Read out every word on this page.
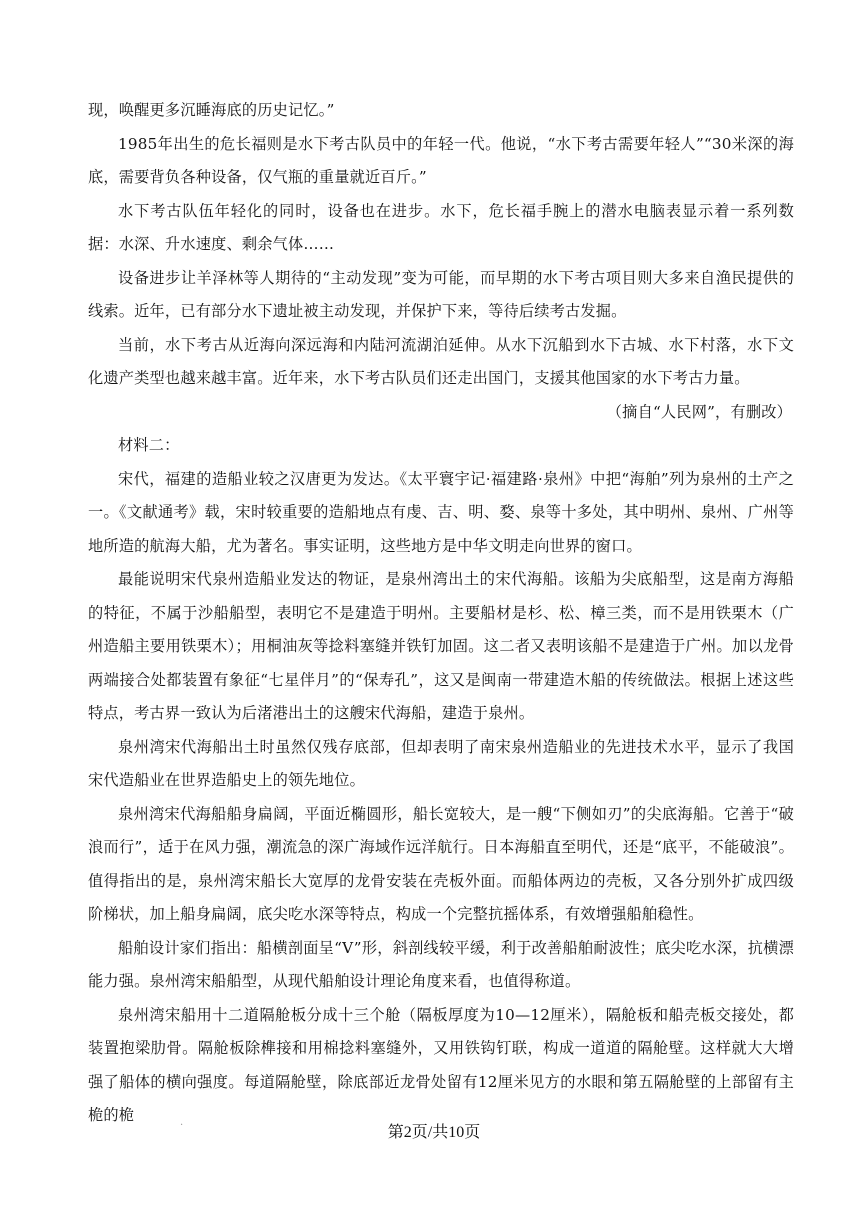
现，唤醒更多沉睡海底的历史记忆。”

1985年出生的危长福则是水下考古队员中的年轻一代。他说，“水下考古需要年轻人”“30米深的海底，需要背负各种设备，仅气瓶的重量就近百斤。”

水下考古队伍年轻化的同时，设备也在进步。水下，危长福手腕上的潜水电脑表显示着一系列数据：水深、升水速度、剩余气体……

设备进步让羊泽林等人期待的“主动发现”变为可能，而早期的水下考古项目则大多来自渔民提供的线索。近年，已有部分水下遗址被主动发现，并保护下来，等待后续考古发掘。

当前，水下考古从近海向深远海和内陆河流湖泊延伸。从水下沉船到水下古城、水下村落，水下文化遗产类型也越来越丰富。近年来，水下考古队员们还走出国门，支援其他国家的水下考古力量。

（摘自“人民网”，有删改）

材料二：

宋代，福建的造船业较之汉唐更为发达。《太平寰宇记·福建路·泉州》中把“海舶”列为泉州的土产之一。《文献通考》载，宋时较重要的造船地点有虔、吉、明、婺、泉等十多处，其中明州、泉州、广州等地所造的航海大船，尤为著名。事实证明，这些地方是中华文明走向世界的窗口。

最能说明宋代泉州造船业发达的物证，是泉州湾出土的宋代海船。该船为尖底船型，这是南方海船的特征，不属于沙船船型，表明它不是建造于明州。主要船材是杉、松、樟三类，而不是用铁栗木（广州造船主要用铁栗木）；用桐油灰等捻料塞缝并铁钉加固。这二者又表明该船不是建造于广州。加以龙骨两端接合处都装置有象征“七星伴月”的“保寿孔”，这又是闽南一带建造木船的传统做法。根据上述这些特点，考古界一致认为后渚港出土的这艘宋代海船，建造于泉州。

泉州湾宋代海船出土时虽然仅残存底部，但却表明了南宋泉州造船业的先进技术水平，显示了我国宋代造船业在世界造船史上的领先地位。

泉州湾宋代海船船身扁阔，平面近椭圆形，船长宽较大，是一艘“下侧如刃”的尖底海船。它善于“破浪而行”，适于在风力强，潮流急的深广海域作远洋航行。日本海船直至明代，还是“底平，不能破浪”。值得指出的是，泉州湾宋船长大宽厚的龙骨安装在壳板外面。而船体两边的壳板，又各分别外扩成四级阶梯状，加上船身扁阔，底尖吃水深等特点，构成一个完整抗摇体系，有效增强船舶稳性。

船舶设计家们指出：船横剖面呈“V”形，斜剖线较平缓，利于改善船舶耐波性；底尖吃水深，抗横漂能力强。泉州湾宋船船型，从现代船舶设计理论角度来看，也值得称道。

泉州湾宋船用十二道隔舱板分成十三个舱（隔板厚度为10—12厘米），隔舱板和船壳板交接处，都装置抱梁肋骨。隔舱板除榫接和用棉捻料塞缝外，又用铁钩钉联，构成一道道的隔舱壁。这样就大大增强了船体的横向强度。每道隔舱壁，除底部近龙骨处留有12厘米见方的水眼和第五隔舱壁的上部留有主桅的桅	.
第2页/共10页
